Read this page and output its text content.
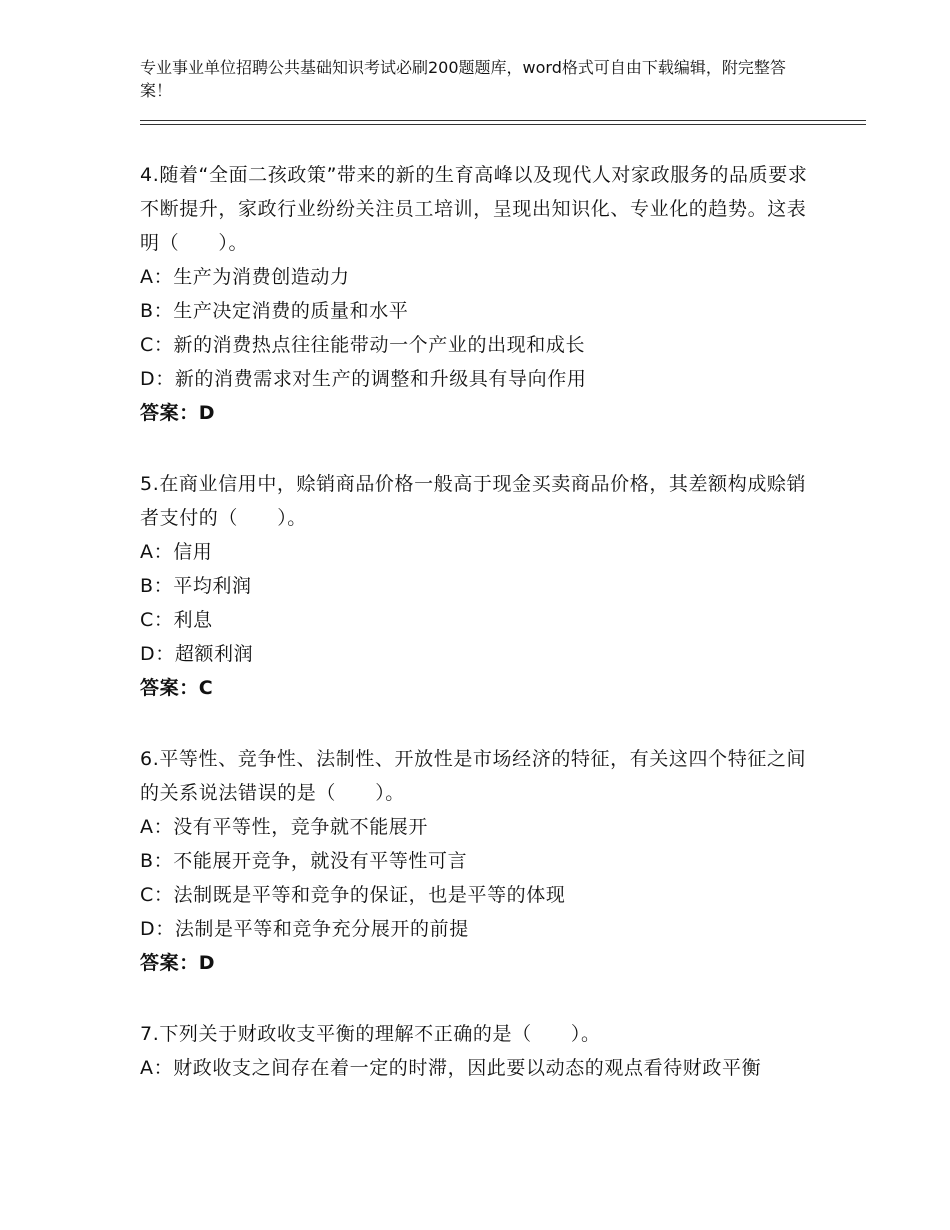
专业事业单位招聘公共基础知识考试必刷200题题库，word格式可自由下载编辑，附完整答案！
4.随着“全面二孩政策”带来的新的生育高峰以及现代人对家政服务的品质要求不断提升，家政行业纷纷关注员工培训，呈现出知识化、专业化的趋势。这表明（　　）。
A：生产为消费创造动力
B：生产决定消费的质量和水平
C：新的消费热点往往能带动一个产业的出现和成长
D：新的消费需求对生产的调整和升级具有导向作用
答案：D
5.在商业信用中，赊销商品价格一般高于现金买卖商品价格，其差额构成赊销者支付的（　　）。
A：信用
B：平均利润
C：利息
D：超额利润
答案：C
6.平等性、竞争性、法制性、开放性是市场经济的特征，有关这四个特征之间的关系说法错误的是（　　）。
A：没有平等性，竞争就不能展开
B：不能展开竞争，就没有平等性可言
C：法制既是平等和竞争的保证，也是平等的体现
D：法制是平等和竞争充分展开的前提
答案：D
7.下列关于财政收支平衡的理解不正确的是（　　）。
A：财政收支之间存在着一定的时滞，因此要以动态的观点看待财政平衡
